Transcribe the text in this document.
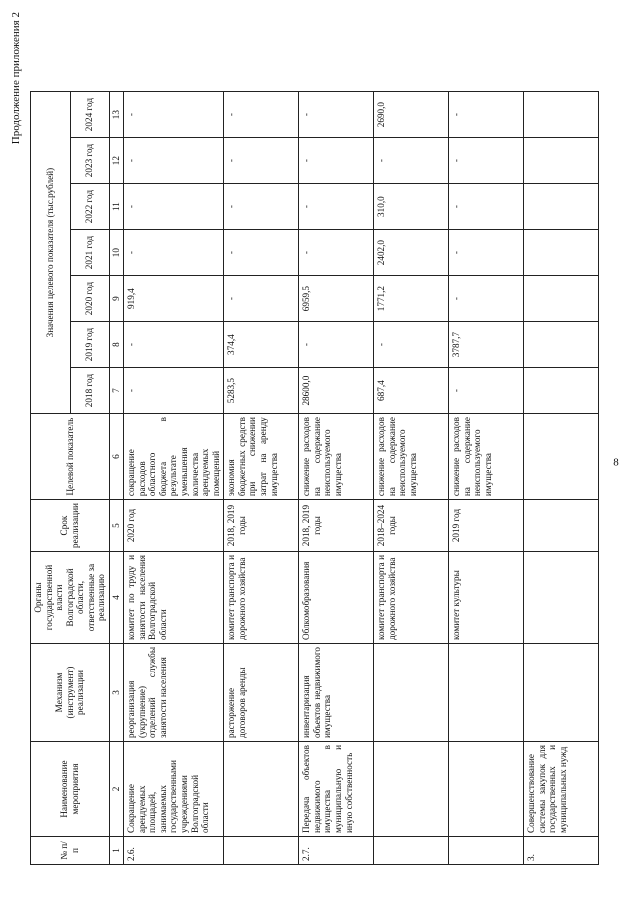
Продолжение приложения 2
№ п/п	Наименование мероприятия	Механизм (инструмент) реализации	Органы государственной власти Волгоградской области, ответственные за реализацию	Срок реализации	Целевой показатель	Значения целевого показателя (тыс.рублей)						
						2018 год	2019 год	2020 год	2021 год	2022 год	2023 год	2024 год
1	2	3	4	5	6	7	8	9	10	11	12	13
2.6.	Сокращение арендуемых площадей, занимаемых государственными учреждениями Волгоградской области	реорганизация (укрупнение) отделений службы занятости населения	комитет по труду и занятости населения Волгоградской области	2020 год	сокращение расходов областного бюджета в результате уменьшения количества арендуемых помещений	-	-	919,4	-	-	-	-
		расторжение договоров аренды	комитет транспорта и дорожного хозяйства	2018, 2019 годы	экономия бюджетных средств при снижении затрат на аренду имущества	5283,5	374,4	-	-	-	-	-
2.7.	Передача объектов недвижимого имущества в муниципальную и иную собственность	инвентаризация объектов недвижимого имущества	Облкомобразования	2018, 2019 годы	снижение расходов на содержание неиспользуемого имущества	28600,0	-	6959,5	-	-	-	-
			комитет транспорта и дорожного хозяйства	2018–2024 годы	снижение расходов на содержание неиспользуемого имущества	687,4	-	1771,2	2402,0	310,0	-	2690,0
			комитет культуры	2019 год	снижение расходов на содержание неиспользуемого имущества	-	3787,7	-	-	-	-	-
3.	Совершенствование системы закупок для государственных и муниципальных нужд											
8
